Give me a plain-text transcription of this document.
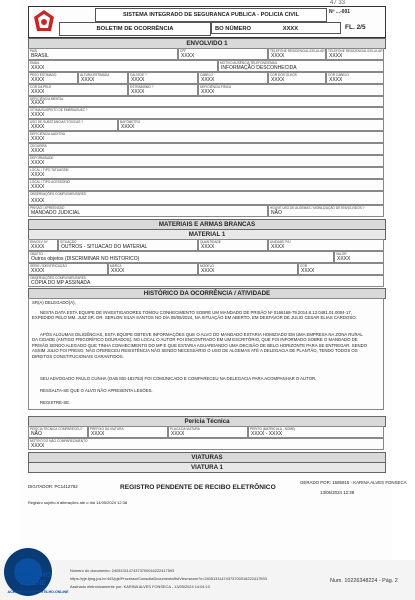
SISTEMA INTEGRADO DE SEGURANCA PUBLICA - POLICIA CIVIL	Nº ...-001
BOLETIM DE OCORRÊNCIA	BO NÚMERO	XXXX	FL. 2/5
ENVOLVIDO 1
PAÍS
BRASIL
CPF
XXXX
TELEFONE RESIDENCIAL/CELULAR
XXXX
TELEFONE RESIDENCIAL/CELULAR
XXXX
EMAIL
XXXX
MOTIVO AUSÊNCIA TELEFONE/EMAIL
INFORMAÇÃO DESCONHECIDA
PESO ESTIMADO
XXXX
ALTURA ESTIMADA
XXXX
CALVÍCIE ?
XXXX
CABELO
XXXX
COR DOS OLHOS
XXXX
COR CABELO
XXXX
COR DA PELE
XXXX
ESTRABISMO ?
XXXX
DEFICIÊNCIA FÍSICA
XXXX
DEFICIÊNCIA MENTAL
XXXX
VÍTIMA/SUSPEITO DE EMBRIAGUEZ ?
XXXX
USO DE SUBSTÂNCIAS TÓXICAS ?
XXXX
BAFÔMETRO
XXXX
DEFICIÊNCIA AUDITIVA
XXXX
CEGUEIRA
XXXX
DEFORMIDADE
XXXX
LOCAL / TIPO TATUAGEM
XXXX
LOCAL / TIPO ACESSÓRIO
XXXX
OBSERVAÇÕES COMPLEMENTARES
XXXX
PRISÃO / APREENSÃO
MANDADO JUDICIAL
HOUVE USO DE ALGEMAS / MOBILIZAÇÃO DE ENVOLVIDOS ?
NÃO
MATERIAIS E ARMAS BRANCAS
MATERIAL 1
ENVOLV. Nº
XXXX
SITUAÇÃO
OUTROS - SITUACAO DO MATERIAL
QUANTIDADE
XXXX
UNIDADE P/U
XXXX
OBJETO
Outros objetos (DISCRIMINAR NO HISTORICO)
VALOR
XXXX
SÉRIE / IDENTIFICAÇÃO
XXXX
MARCA
XXXX
MODELO
XXXX
COR
XXXX
OBSERVAÇÕES COMPLEMENTARES
CÓPIA DO MP ASSINADA
HISTÓRICO DA OCORRÊNCIA / ATIVIDADE

SR(A) DELEGADO(A),

NESTA DATA ESTA EQUIPE DE INVESTIGADORES TOMOU CONHECIMENTO SOBRE UM MANDADO DE PRISÃO Nº 0166168-79.2014.8.13.0481.01.0004-17, EXPEDIDO PELO MM. JUIZ SR. DR. SERLON SILVA SANTOS NO DIA 08/05/2024, NA SITUAÇÃO EM ABERTO, EM DESFAVOR DE JULIO CESAR ELIAS CARDOSO.

APÓS ALGUMAS DILIGÊNCIAS, ESTA EQUIPE OBTEVE INFORMAÇÕES QUE O ALVO DO MANDADO ESTARIA HOMIZIADO EM UMA EMPRESA NA ZONA RURAL DA CIDADE (ANTIGO FRIGORÍFICO DOURADOS). NO LOCAL O AUTOR FOI ENCONTRADO EM UM ESCRITÓRIO, QUE FOI INFORMADO SOBRE O MANDADO DE PRISÃO SENDO ALEGADO QUE TINHA CONHECIMENTO DO MP E QUE ESTARIA AGUARDANDO UMA DECISÃO DE BELO HORIZONTE PARA SE ENTREGAR. SENDO ASSIM JULIO FOI PRESO, NÃO OFERECEU RESISTÊNCIA NÃO SENDO NECESSÁRIO O USO DE ALGEMAS ATÉ A DELEGACIA DE PLANTÃO, TENDO TODOS OS DIREITOS CONSTITUCIONAIS GARANTIDOS.

SEU ADVOGADO PAULO CUNHA (OAB MG-182753) FOI COMUNICADO E COMPARECEU NA DELEGACIA PARA ACOMPANHAR O AUTOR.

RESSALTA-SE QUE O ALVO NÃO APRESENTA LESÕES.

REGISTRE-SE.

Perícia Técnica
PERÍCIA TÉCNICA COMPARECEU?
NÃO
PREFIXO DA VIATURA
XXXX
PLACA DA VIATURA
XXXX
PERITO (MATRÍCULA - NOME)
XXXX - XXXX
MOTIVO DO NÃO COMPARECIMENTO
XXXX
VIATURAS
VIATURA 1
DIGITADOR: PC1412782	REGISTRO PENDENTE DE RECIBO ELETRÔNICO
GERADO POR: 1585915 - KARINA ALVES FONSECA
13/05/2024 12:38
Registro sujeito a alterações até o dia 14/05/2024 12:38
47 33
PORTILHO
ONLINE
ACESSE: WWW.PORTILHO.ONLINE
Número do documento: 24051311474373700016222417593
https://pje.tjmg.jus.br:443/pje/Processo/ConsultaDocumento/listView.seam?x=24051311474373700016222417593
Assinado eletronicamente por: KARINA ALVES FONSECA - 13/05/2024 14:04:10
Num. 10226348224 - Pág. 2
